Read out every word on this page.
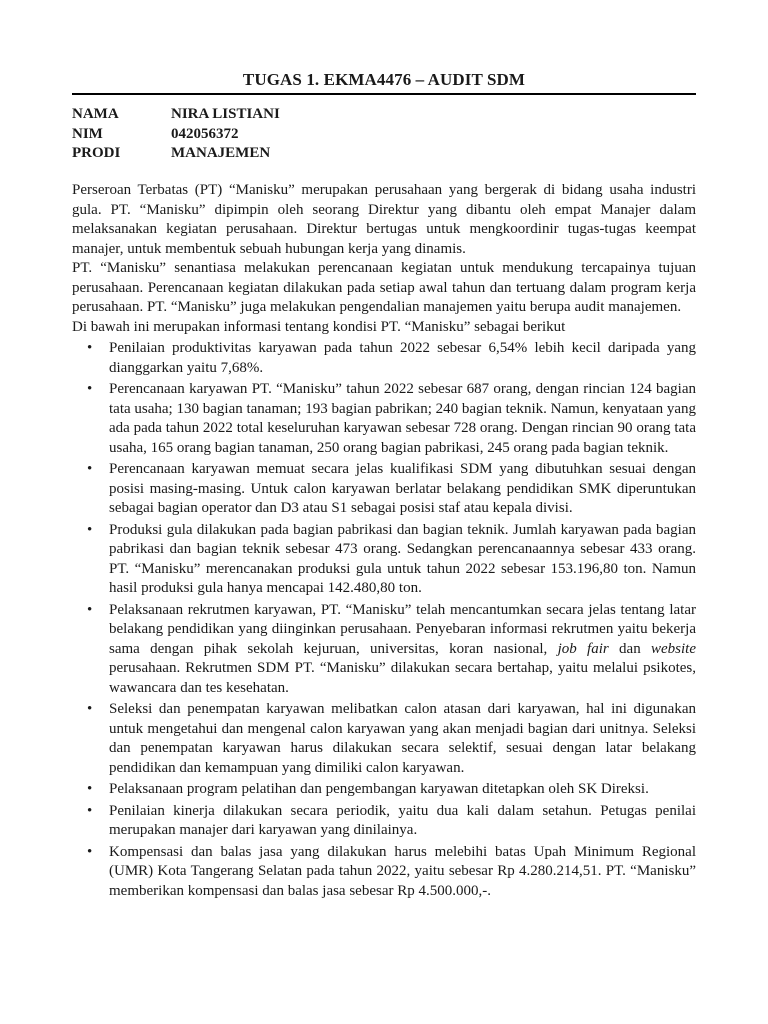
TUGAS 1. EKMA4476 – AUDIT SDM
NAMA	NIRA LISTIANI
NIM	042056372
PRODI	MANAJEMEN

Perseroan Terbatas (PT) “Manisku” merupakan perusahaan yang bergerak di bidang usaha industri gula. PT. “Manisku” dipimpin oleh seorang Direktur yang dibantu oleh empat Manajer dalam melaksanakan kegiatan perusahaan. Direktur bertugas untuk mengkoordinir tugas-tugas keempat manajer, untuk membentuk sebuah hubungan kerja yang dinamis.

PT. “Manisku” senantiasa melakukan perencanaan kegiatan untuk mendukung tercapainya tujuan perusahaan. Perencanaan kegiatan dilakukan pada setiap awal tahun dan tertuang dalam program kerja perusahaan. PT. “Manisku” juga melakukan pengendalian manajemen yaitu berupa audit manajemen.

Di bawah ini merupakan informasi tentang kondisi PT. “Manisku” sebagai berikut

• Penilaian produktivitas karyawan pada tahun 2022 sebesar 6,54% lebih kecil daripada yang dianggarkan yaitu 7,68%.
• Perencanaan karyawan PT. “Manisku” tahun 2022 sebesar 687 orang, dengan rincian 124 bagian tata usaha; 130 bagian tanaman; 193 bagian pabrikan; 240 bagian teknik. Namun, kenyataan yang ada pada tahun 2022 total keseluruhan karyawan sebesar 728 orang. Dengan rincian 90 orang tata usaha, 165 orang bagian tanaman, 250 orang bagian pabrikasi, 245 orang pada bagian teknik.
• Perencanaan karyawan memuat secara jelas kualifikasi SDM yang dibutuhkan sesuai dengan posisi masing-masing. Untuk calon karyawan berlatar belakang pendidikan SMK diperuntukan sebagai bagian operator dan D3 atau S1 sebagai posisi staf atau kepala divisi.
• Produksi gula dilakukan pada bagian pabrikasi dan bagian teknik. Jumlah karyawan pada bagian pabrikasi dan bagian teknik sebesar 473 orang. Sedangkan perencanaannya sebesar 433 orang. PT. “Manisku” merencanakan produksi gula untuk tahun 2022 sebesar 153.196,80 ton. Namun hasil produksi gula hanya mencapai 142.480,80 ton.
• Pelaksanaan rekrutmen karyawan, PT. “Manisku” telah mencantumkan secara jelas tentang latar belakang pendidikan yang diinginkan perusahaan. Penyebaran informasi rekrutmen yaitu bekerja sama dengan pihak sekolah kejuruan, universitas, koran nasional, job fair dan website perusahaan. Rekrutmen SDM PT. “Manisku” dilakukan secara bertahap, yaitu melalui psikotes, wawancara dan tes kesehatan.
• Seleksi dan penempatan karyawan melibatkan calon atasan dari karyawan, hal ini digunakan untuk mengetahui dan mengenal calon karyawan yang akan menjadi bagian dari unitnya. Seleksi dan penempatan karyawan harus dilakukan secara selektif, sesuai dengan latar belakang pendidikan dan kemampuan yang dimiliki calon karyawan.
• Pelaksanaan program pelatihan dan pengembangan karyawan ditetapkan oleh SK Direksi.
• Penilaian kinerja dilakukan secara periodik, yaitu dua kali dalam setahun. Petugas penilai merupakan manajer dari karyawan yang dinilainya.
• Kompensasi dan balas jasa yang dilakukan harus melebihi batas Upah Minimum Regional (UMR) Kota Tangerang Selatan pada tahun 2022, yaitu sebesar Rp 4.280.214,51. PT. “Manisku” memberikan kompensasi dan balas jasa sebesar Rp 4.500.000,-.
